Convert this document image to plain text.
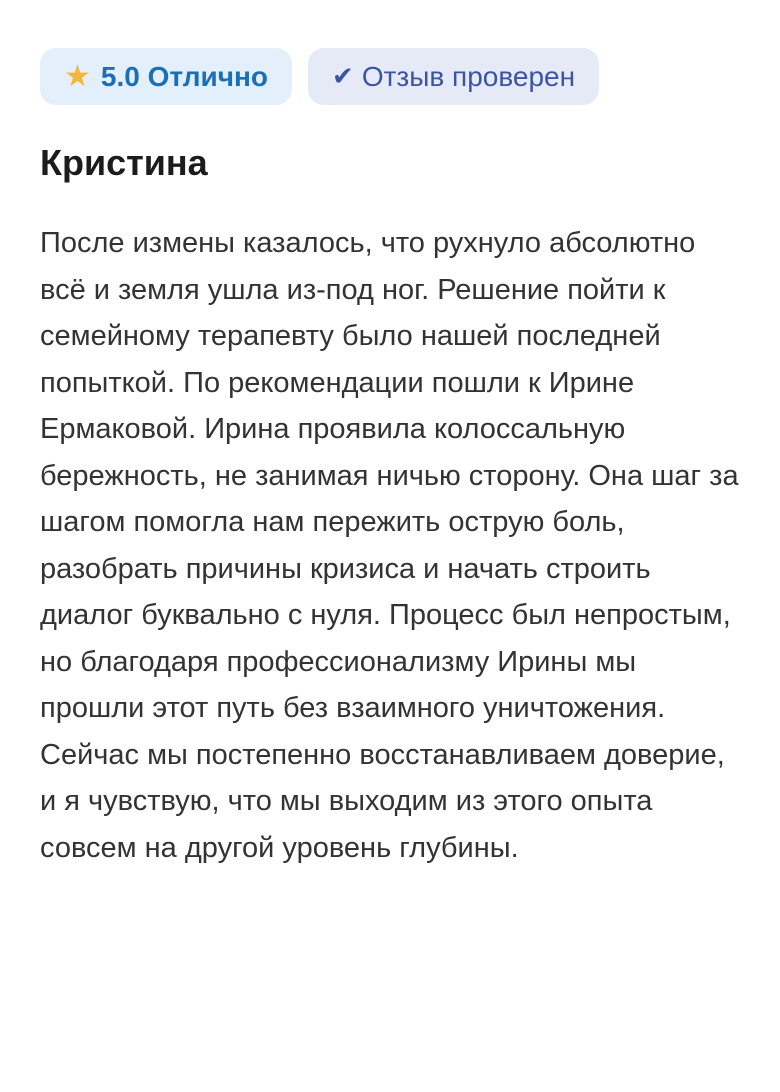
★ 5.0 Отлично ✔ Отзыв проверен
Кристина

После измены казалось, что рухнуло абсолютно всё и земля ушла из-под ног. Решение пойти к семейному терапевту было нашей последней попыткой. По рекомендации пошли к Ирине Ермаковой. Ирина проявила колоссальную бережность, не занимая ничью сторону. Она шаг за шагом помогла нам пережить острую боль, разобрать причины кризиса и начать строить диалог буквально с нуля. Процесс был непростым, но благодаря профессионализму Ирины мы прошли этот путь без взаимного уничтожения. Сейчас мы постепенно восстанавливаем доверие, и я чувствую, что мы выходим из этого опыта совсем на другой уровень глубины.
